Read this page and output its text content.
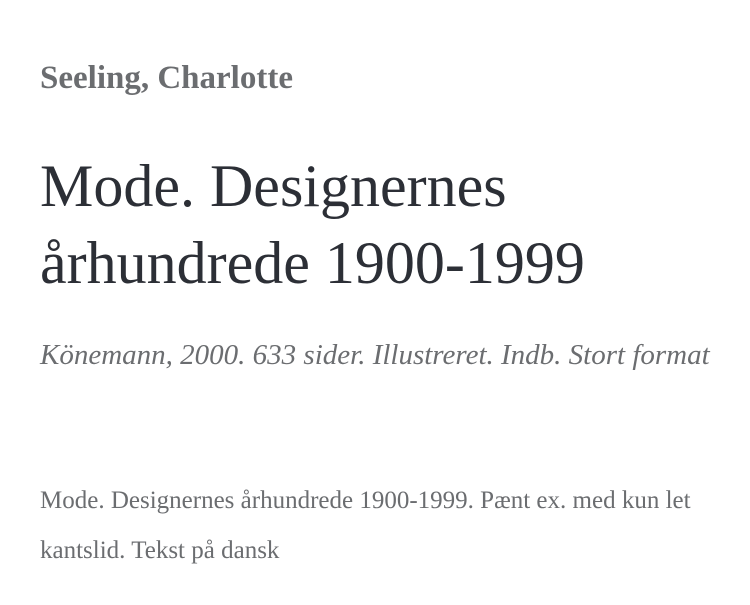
Seeling, Charlotte

Mode. Designernes århundrede 1900-1999

Könemann, 2000. 633 sider. Illustreret. Indb. Stort format

Mode. Designernes århundrede 1900-1999. Pænt ex. med kun let kantslid. Tekst på dansk
